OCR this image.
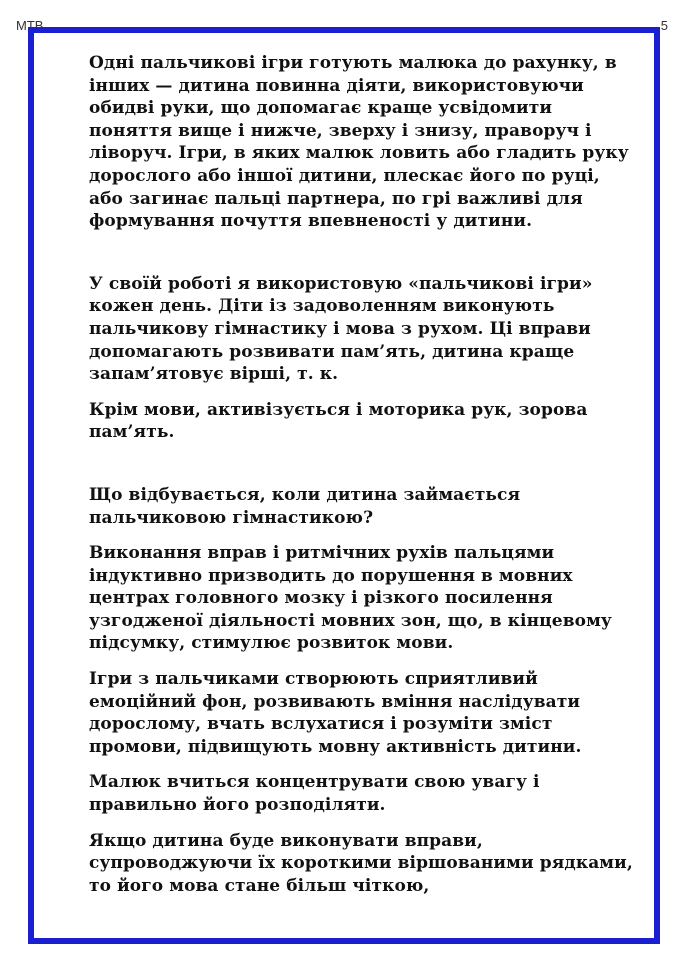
МТВ	5

Одні пальчикові ігри готують малюка до рахунку, в інших — дитина повинна діяти, використовуючи обидві руки, що допомагає краще усвідомити поняття вище і нижче, зверху і знизу, праворуч і ліворуч. Ігри, в яких малюк ловить або гладить руку дорослого або іншої дитини, плескає його по руці, або загинає пальці партнера, по грі важливі для формування почуття впевненості у дитини.

У своїй роботі я використовую «пальчикові ігри» кожен день. Діти із задоволенням виконують пальчикову гімнастику і мова з рухом. Ці вправи допомагають розвивати пам’ять, дитина краще запам’ятовує вірші, т. к.

Крім мови, активізується і моторика рук, зорова пам’ять.

Що відбувається, коли дитина займається пальчиковою гімнастикою?

Виконання вправ і ритмічних рухів пальцями індуктивно призводить до порушення в мовних центрах головного мозку і різкого посилення узгодженої діяльності мовних зон, що, в кінцевому підсумку, стимулює розвиток мови.

Ігри з пальчиками створюють сприятливий емоційний фон, розвивають вміння наслідувати дорослому, вчать вслухатися і розуміти зміст промови, підвищують мовну активність дитини.

Малюк вчиться концентрувати свою увагу і правильно його розподіляти.

Якщо дитина буде виконувати вправи, супроводжуючи їх короткими віршованими рядками, то його мова стане більш чіткою,
